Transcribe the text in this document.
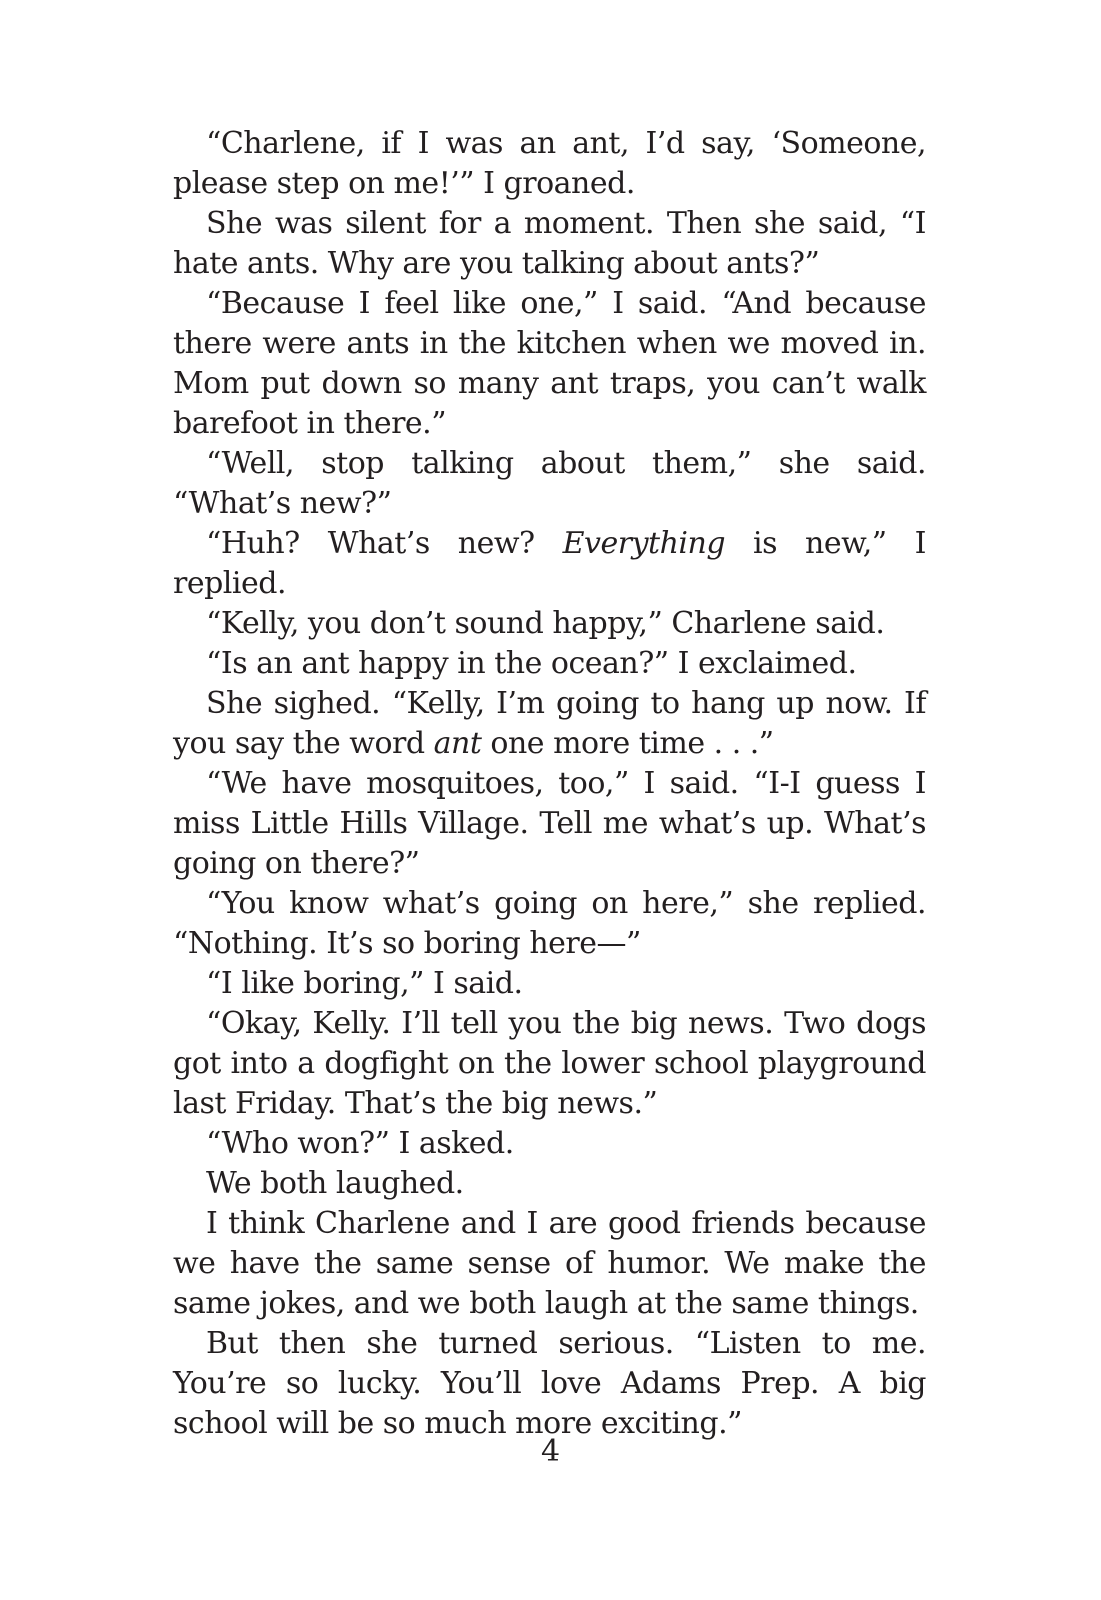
“Charlene, if I was an ant, I’d say, ‘Someone, please step on me!’” I groaned.

She was silent for a moment. Then she said, “I hate ants. Why are you talking about ants?”

“Because I feel like one,” I said. “And because there were ants in the kitchen when we moved in. Mom put down so many ant traps, you can’t walk barefoot in there.”

“Well, stop talking about them,” she said. “What’s new?”

“Huh? What’s new? Everything is new,” I replied.

“Kelly, you don’t sound happy,” Charlene said.

“Is an ant happy in the ocean?” I exclaimed.

She sighed. “Kelly, I’m going to hang up now. If you say the word ant one more time . . .”

“We have mosquitoes, too,” I said. “I-I guess I miss Little Hills Village. Tell me what’s up. What’s going on there?”

“You know what’s going on here,” she replied. “Nothing. It’s so boring here—”

“I like boring,” I said.

“Okay, Kelly. I’ll tell you the big news. Two dogs got into a dogfight on the lower school playground last Friday. That’s the big news.”

“Who won?” I asked.

We both laughed.

I think Charlene and I are good friends because we have the same sense of humor. We make the same jokes, and we both laugh at the same things.

But then she turned serious. “Listen to me. You’re so lucky. You’ll love Adams Prep. A big school will be so much more exciting.”

4
